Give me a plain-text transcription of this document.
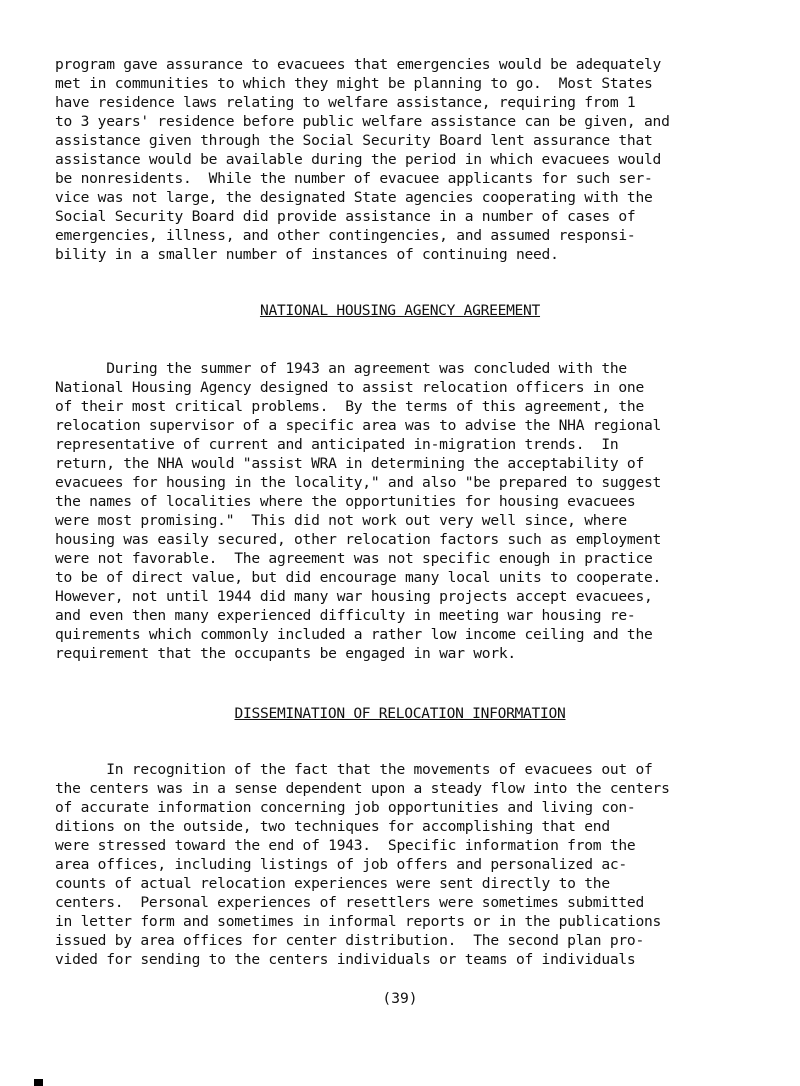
program gave assurance to evacuees that emergencies would be adequately
met in communities to which they might be planning to go.  Most States
have residence laws relating to welfare assistance, requiring from 1
to 3 years' residence before public welfare assistance can be given, and
assistance given through the Social Security Board lent assurance that
assistance would be available during the period in which evacuees would
be nonresidents.  While the number of evacuee applicants for such ser-
vice was not large, the designated State agencies cooperating with the
Social Security Board did provide assistance in a number of cases of
emergencies, illness, and other contingencies, and assumed responsi-
bility in a smaller number of instances of continuing need.
NATIONAL HOUSING AGENCY AGREEMENT
During the summer of 1943 an agreement was concluded with the
National Housing Agency designed to assist relocation officers in one
of their most critical problems.  By the terms of this agreement, the
relocation supervisor of a specific area was to advise the NHA regional
representative of current and anticipated in-migration trends.  In
return, the NHA would "assist WRA in determining the acceptability of
evacuees for housing in the locality," and also "be prepared to suggest
the names of localities where the opportunities for housing evacuees
were most promising."  This did not work out very well since, where
housing was easily secured, other relocation factors such as employment
were not favorable.  The agreement was not specific enough in practice
to be of direct value, but did encourage many local units to cooperate.
However, not until 1944 did many war housing projects accept evacuees,
and even then many experienced difficulty in meeting war housing re-
quirements which commonly included a rather low income ceiling and the
requirement that the occupants be engaged in war work.
DISSEMINATION OF RELOCATION INFORMATION
In recognition of the fact that the movements of evacuees out of
the centers was in a sense dependent upon a steady flow into the centers
of accurate information concerning job opportunities and living con-
ditions on the outside, two techniques for accomplishing that end
were stressed toward the end of 1943.  Specific information from the
area offices, including listings of job offers and personalized ac-
counts of actual relocation experiences were sent directly to the
centers.  Personal experiences of resettlers were sometimes submitted
in letter form and sometimes in informal reports or in the publications
issued by area offices for center distribution.  The second plan pro-
vided for sending to the centers individuals or teams of individuals
(39)
